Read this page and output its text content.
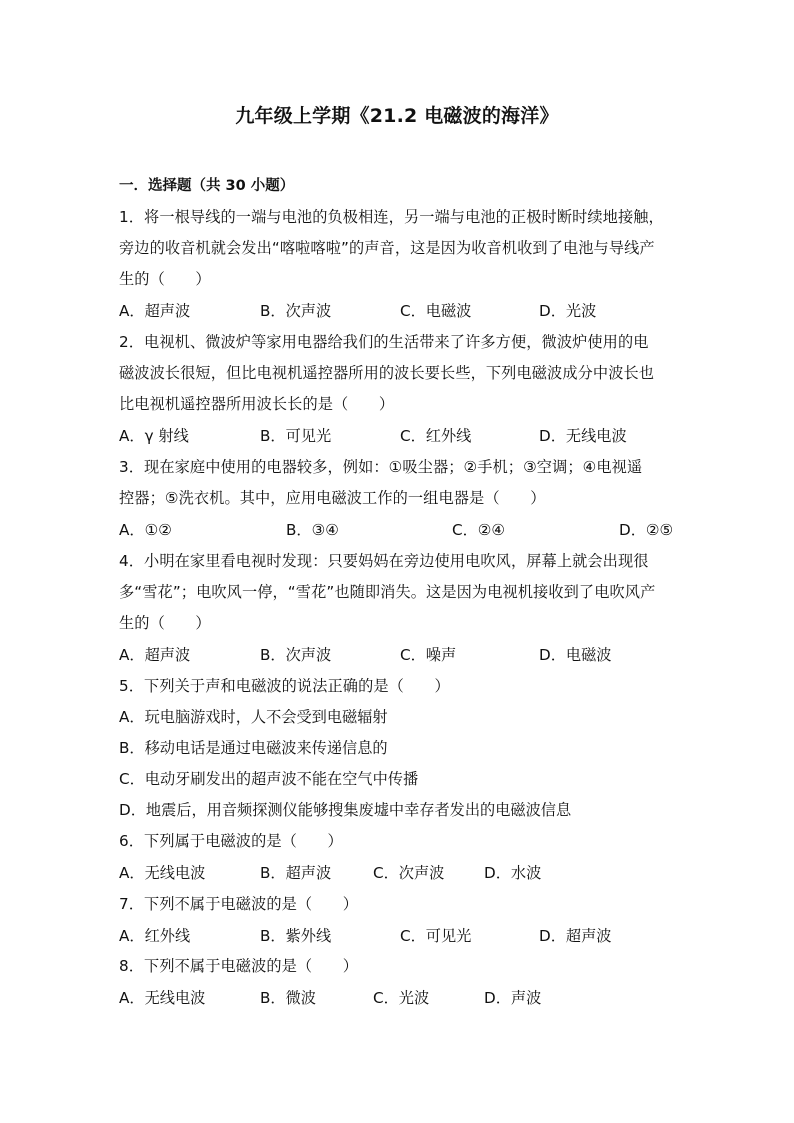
九年级上学期《21.2 电磁波的海洋》
一．选择题（共 30 小题）
1．将一根导线的一端与电池的负极相连，另一端与电池的正极时断时续地接触，
旁边的收音机就会发出“喀啦喀啦”的声音，这是因为收音机收到了电池与导线产
生的（　　）
A．超声波	B．次声波	C．电磁波	D．光波
2．电视机、微波炉等家用电器给我们的生活带来了许多方便，微波炉使用的电
磁波波长很短，但比电视机遥控器所用的波长要长些，下列电磁波成分中波长也
比电视机遥控器所用波长长的是（　　）
A．γ 射线	B．可见光	C．红外线	D．无线电波
3．现在家庭中使用的电器较多，例如：①吸尘器；②手机；③空调；④电视遥
控器；⑤洗衣机。其中，应用电磁波工作的一组电器是（　　）
A．①②	B．③④	C．②④	D．②⑤
4．小明在家里看电视时发现：只要妈妈在旁边使用电吹风，屏幕上就会出现很
多“雪花”；电吹风一停，“雪花”也随即消失。这是因为电视机接收到了电吹风产
生的（　　）
A．超声波	B．次声波	C．噪声	D．电磁波
5．下列关于声和电磁波的说法正确的是（　　）
A．玩电脑游戏时，人不会受到电磁辐射
B．移动电话是通过电磁波来传递信息的
C．电动牙刷发出的超声波不能在空气中传播
D．地震后，用音频探测仪能够搜集废墟中幸存者发出的电磁波信息
6．下列属于电磁波的是（　　）
A．无线电波	B．超声波	C．次声波	D．水波
7．下列不属于电磁波的是（　　）
A．红外线	B．紫外线	C．可见光	D．超声波
8．下列不属于电磁波的是（　　）
A．无线电波	B．微波	C．光波	D．声波
